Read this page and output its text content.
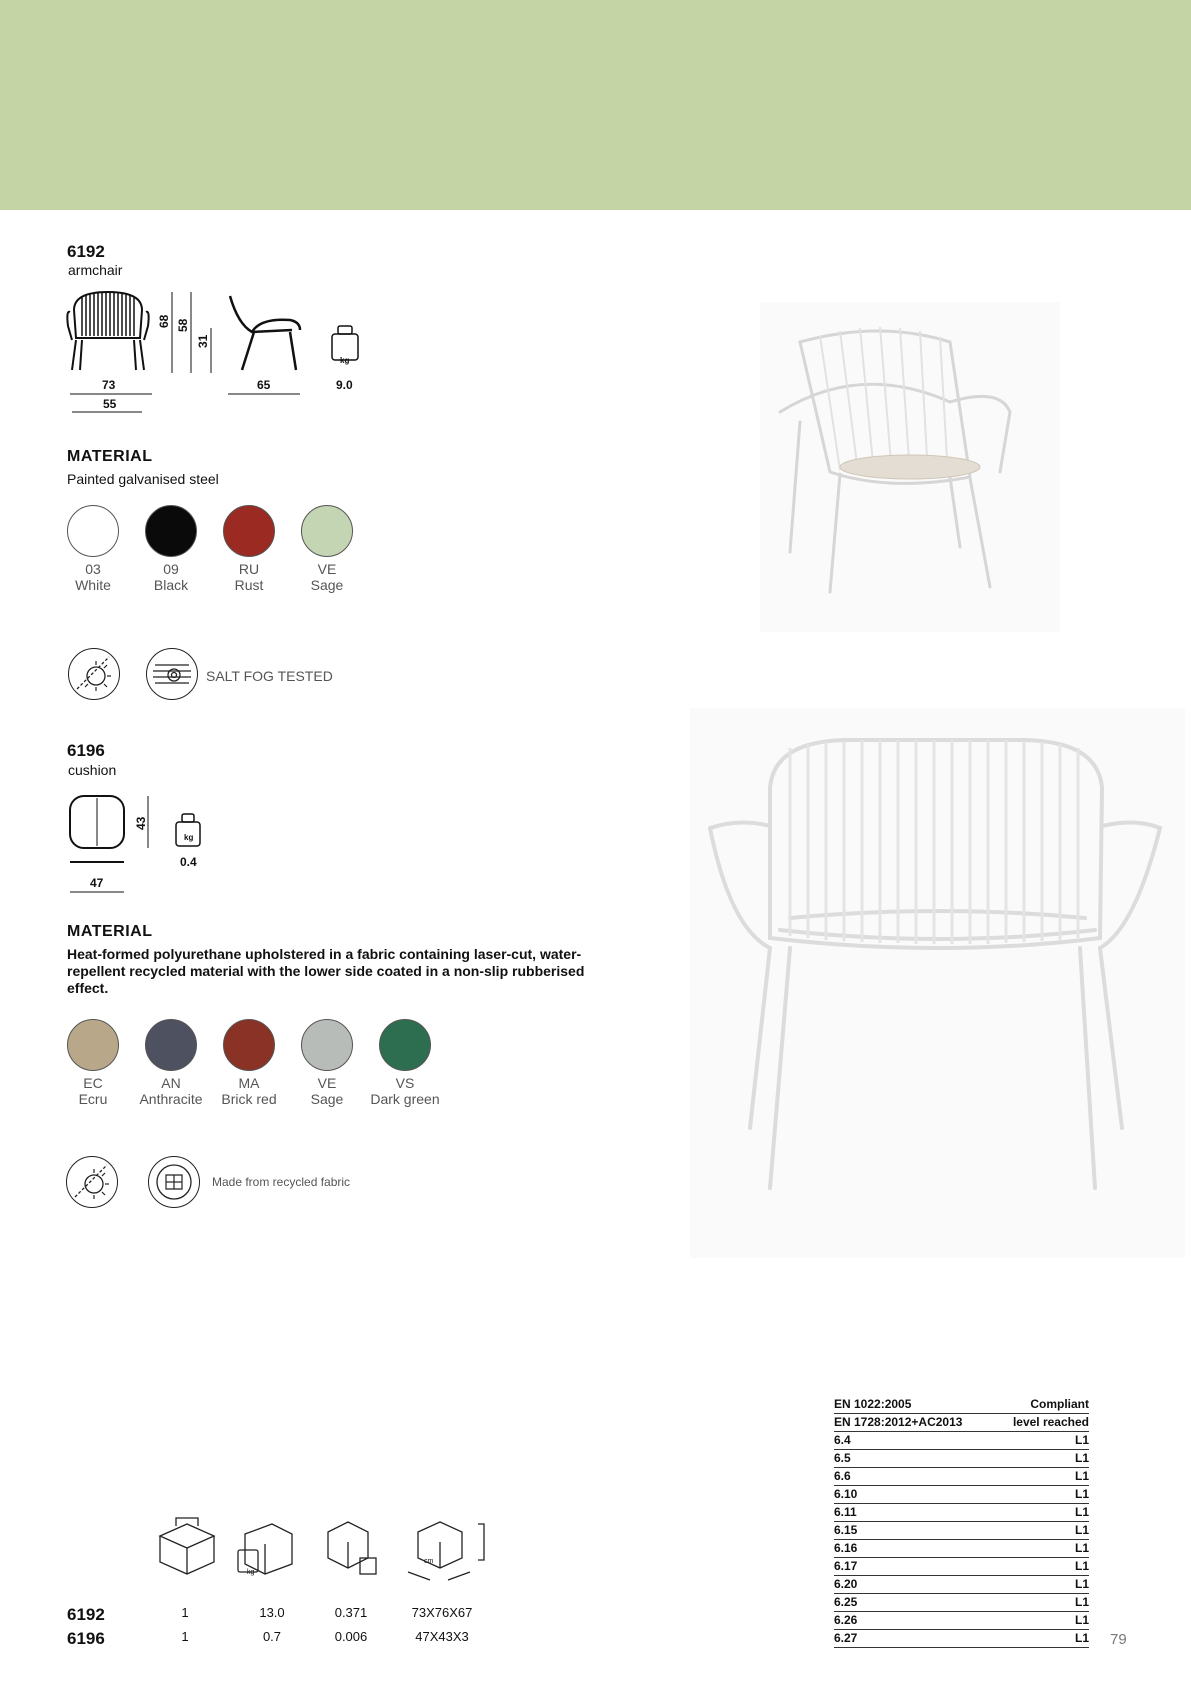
6192
armchair
73
55
68 58
31
65
kg
9.0
MATERIAL
Painted galvanised steel
03
White
09
Black
RU
Rust
VE
Sage
SALT FOG TESTED
6196
cushion
47
43
kg
0.4
MATERIAL
Heat-formed polyurethane upholstered in a fabric containing laser-cut, water-repellent recycled material with the lower side coated in a non-slip rubberised effect.
EC
Ecru
AN
Anthracite
MA
Brick red
VE
Sage
VS
Dark green
Made from recycled fabric
kg
cm
6192	1	13.0	0.371	73X76X67
6196	1	0.7	0.006	47X43X3
EN 1022:2005	Compliant
EN 1728:2012+AC2013	level reached
6.4	L1
6.5	L1
6.6	L1
6.10	L1
6.11	L1
6.15	L1
6.16	L1
6.17	L1
6.20	L1
6.25	L1
6.26	L1
6.27	L1 79
